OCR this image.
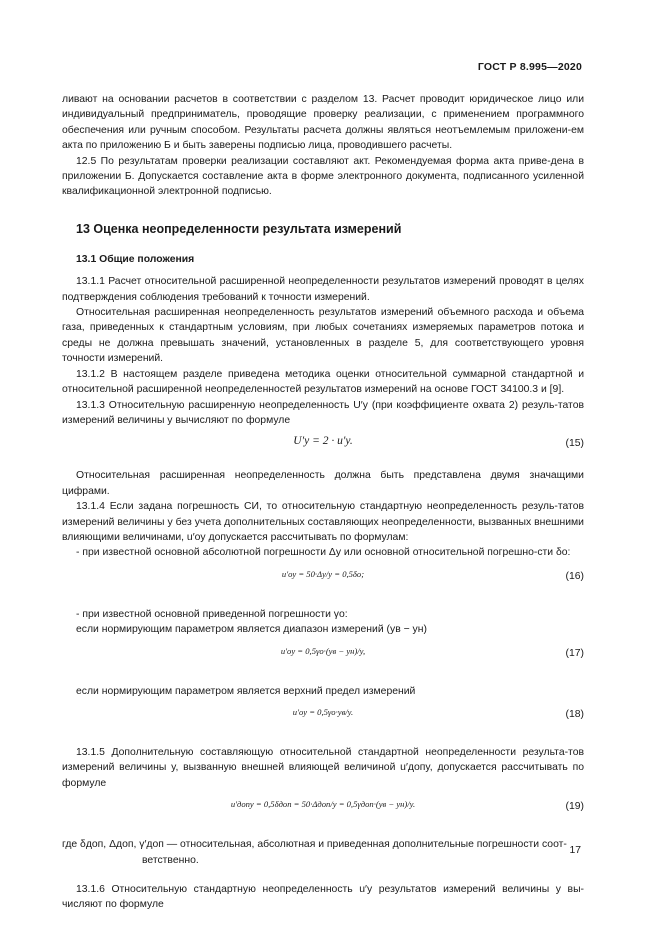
ГОСТ Р 8.995—2020

ливают на основании расчетов в соответствии с разделом 13. Расчет проводит юридическое лицо или индивидуальный предприниматель, проводящие проверку реализации, с применением программного обеспечения или ручным способом. Результаты расчета должны являться неотъемлемым приложени-ем акта по приложению Б и быть заверены подписью лица, проводившего расчеты.

12.5 По результатам проверки реализации составляют акт. Рекомендуемая форма акта приве-дена в приложении Б. Допускается составление акта в форме электронного документа, подписанного усиленной квалификационной электронной подписью.

13 Оценка неопределенности результата измерений
13.1 Общие положения

13.1.1 Расчет относительной расширенной неопределенности результатов измерений проводят в целях подтверждения соблюдения требований к точности измерений.

Относительная расширенная неопределенность результатов измерений объемного расхода и объема газа, приведенных к стандартным условиям, при любых сочетаниях измеряемых параметров потока и среды не должна превышать значений, установленных в разделе 5, для соответствующего уровня точности измерений.

13.1.2 В настоящем разделе приведена методика оценки относительной суммарной стандартной и относительной расширенной неопределенностей результатов измерений на основе ГОСТ 34100.3 и [9].

13.1.3 Относительную расширенную неопределенность U′y (при коэффициенте охвата 2) резуль-татов измерений величины y вычисляют по формуле

U′y = 2 · u′y.	(15)

Относительная расширенная неопределенность должна быть представлена двумя значащими цифрами.

13.1.4 Если задана погрешность СИ, то относительную стандартную неопределенность резуль-татов измерений величины y без учета дополнительных составляющих неопределенности, вызванных внешними влияющими величинами, u′oy допускается рассчитывать по формулам:

- при известной основной абсолютной погрешности Δy или основной относительной погрешно-сти δo:

u′oy = 50·Δy/y = 0,5δo;	(16)

- при известной основной приведенной погрешности γo:

если нормирующим параметром является диапазон измерений (yв − yн)

u′oy = 0,5γo·(yв − yн)/y,	(17)

если нормирующим параметром является верхний предел измерений

u′oy = 0,5γo·yв/y.	(18)

13.1.5 Дополнительную составляющую относительной стандартной неопределенности результа-тов измерений величины y, вызванную внешней влияющей величиной u′допy, допускается рассчитывать по формуле

u′допy = 0,5δдоп = 50·Δдоп/y = 0,5γдоп·(yв − yн)/y.	(19)

где δдоп, Δдоп, γ′доп — относительная, абсолютная и приведенная дополнительные погрешности соот-

ветственно.

13.1.6 Относительную стандартную неопределенность u′y результатов измерений величины y вы-числяют по формуле

17
